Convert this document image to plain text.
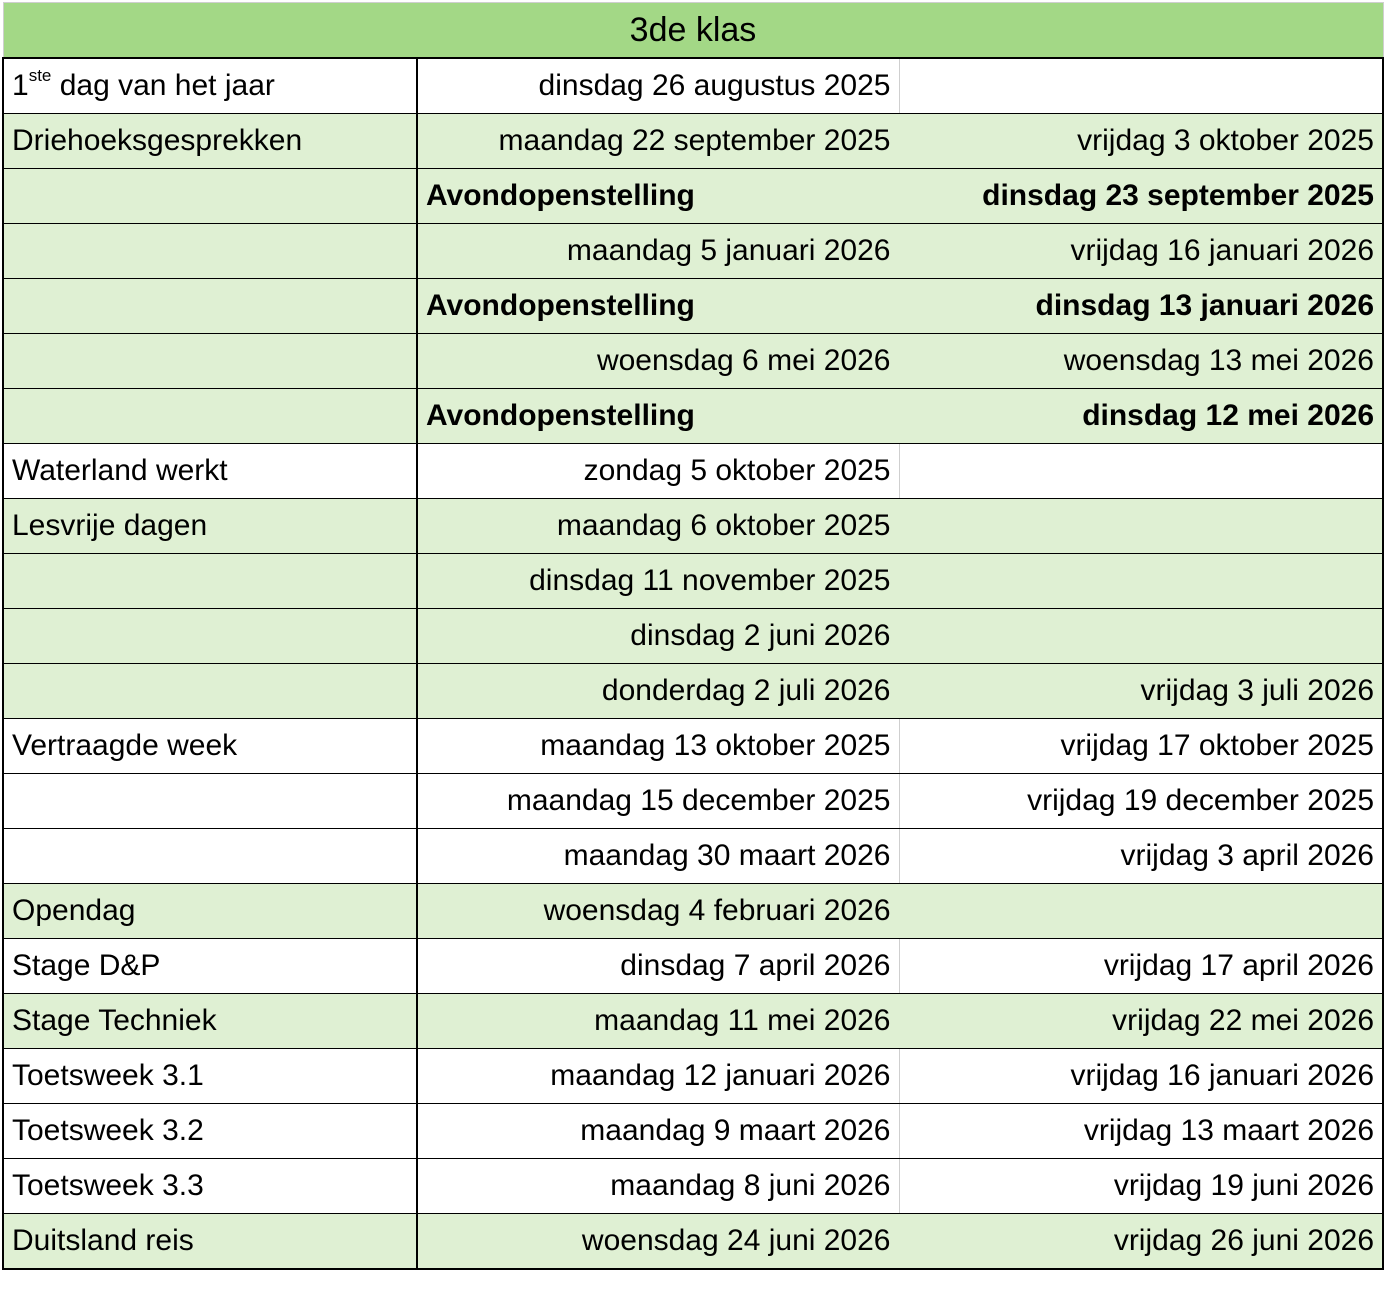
3de klas		
1ste dag van het jaar	dinsdag 26 augustus 2025	
Driehoeksgesprekken	maandag 22 september 2025	vrijdag 3 oktober 2025
	Avondopenstelling	dinsdag 23 september 2025
	maandag 5 januari 2026	vrijdag 16 januari 2026
	Avondopenstelling	dinsdag 13 januari 2026
	woensdag 6 mei 2026	woensdag 13 mei 2026
	Avondopenstelling	dinsdag 12 mei 2026
Waterland werkt	zondag 5 oktober 2025	
Lesvrije dagen	maandag 6 oktober 2025	
	dinsdag 11 november 2025	
	dinsdag 2 juni 2026	
	donderdag 2 juli 2026	vrijdag 3 juli 2026
Vertraagde week	maandag 13 oktober 2025	vrijdag 17 oktober 2025
	maandag 15 december 2025	vrijdag 19 december 2025
	maandag 30 maart 2026	vrijdag 3 april 2026
Opendag	woensdag 4 februari 2026	
Stage D&P	dinsdag 7 april 2026	vrijdag 17 april 2026
Stage Techniek	maandag 11 mei 2026	vrijdag 22 mei 2026
Toetsweek 3.1	maandag 12 januari 2026	vrijdag 16 januari 2026
Toetsweek 3.2	maandag 9 maart 2026	vrijdag 13 maart 2026
Toetsweek 3.3	maandag 8 juni 2026	vrijdag 19 juni 2026
Duitsland reis	woensdag 24 juni 2026	vrijdag 26 juni 2026
